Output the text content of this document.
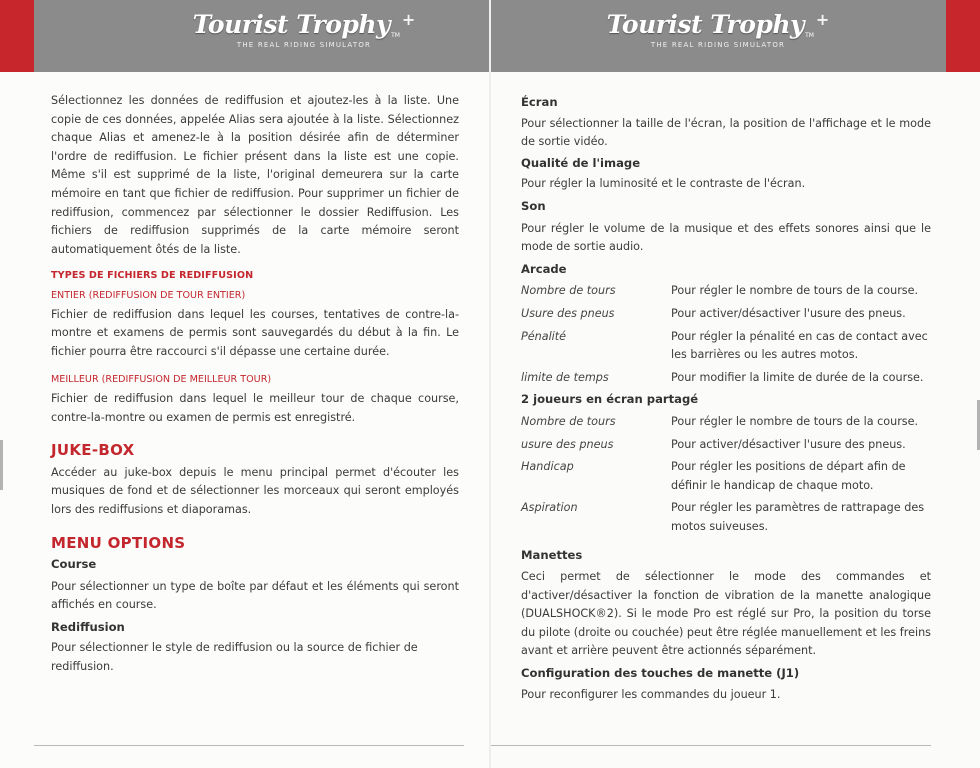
Tourist TrophyTM+
THE REAL RIDING SIMULATOR

Sélectionnez les données de rediffusion et ajoutez-les à la liste. Une copie de ces données, appelée Alias sera ajoutée à la liste. Sélectionnez chaque Alias et amenez-le à la position désirée afin de déterminer l'ordre de rediffusion. Le fichier présent dans la liste est une copie. Même s'il est supprimé de la liste, l'original demeurera sur la carte mémoire en tant que fichier de rediffusion. Pour supprimer un fichier de rediffusion, commencez par sélectionner le dossier Rediffusion. Les fichiers de rediffusion supprimés de la carte mémoire seront automatiquement ôtés de la liste.

TYPES DE FICHIERS DE REDIFFUSION

ENTIER (REDIFFUSION DE TOUR ENTIER)

Fichier de rediffusion dans lequel les courses, tentatives de contre-la-montre et examens de permis sont sauvegardés du début à la fin. Le fichier pourra être raccourci s'il dépasse une certaine durée.

MEILLEUR (REDIFFUSION DE MEILLEUR TOUR)

Fichier de rediffusion dans lequel le meilleur tour de chaque course, contre-la-montre ou examen de permis est enregistré.

JUKE-BOX

Accéder au juke-box depuis le menu principal permet d'écouter les musiques de fond et de sélectionner les morceaux qui seront employés lors des rediffusions et diaporamas.

MENU OPTIONS

Course

Pour sélectionner un type de boîte par défaut et les éléments qui seront affichés en course.

Rediffusion

Pour sélectionner le style de rediffusion ou la source de fichier de rediffusion.

Tourist TrophyTM+
THE REAL RIDING SIMULATOR

Écran

Pour sélectionner la taille de l'écran, la position de l'affichage et le mode de sortie vidéo.

Qualité de l'image

Pour régler la luminosité et le contraste de l'écran.

Son

Pour régler le volume de la musique et des effets sonores ainsi que le mode de sortie audio.

Arcade

Nombre de tours	Pour régler le nombre de tours de la course.
Usure des pneus	Pour activer/désactiver l'usure des pneus.
Pénalité	Pour régler la pénalité en cas de contact avec les barrières ou les autres motos.
limite de temps	Pour modifier la limite de durée de la course.

2 joueurs en écran partagé

Nombre de tours	Pour régler le nombre de tours de la course.
usure des pneus	Pour activer/désactiver l'usure des pneus.
Handicap	Pour régler les positions de départ afin de définir le handicap de chaque moto.
Aspiration	Pour régler les paramètres de rattrapage des motos suiveuses.

Manettes

Ceci permet de sélectionner le mode des commandes et d'activer/désactiver la fonction de vibration de la manette analogique (DUALSHOCK®2). Si le mode Pro est réglé sur Pro, la position du torse du pilote (droite ou couchée) peut être réglée manuellement et les freins avant et arrière peuvent être actionnés séparément.

Configuration des touches de manette (J1)

Pour reconfigurer les commandes du joueur 1.
